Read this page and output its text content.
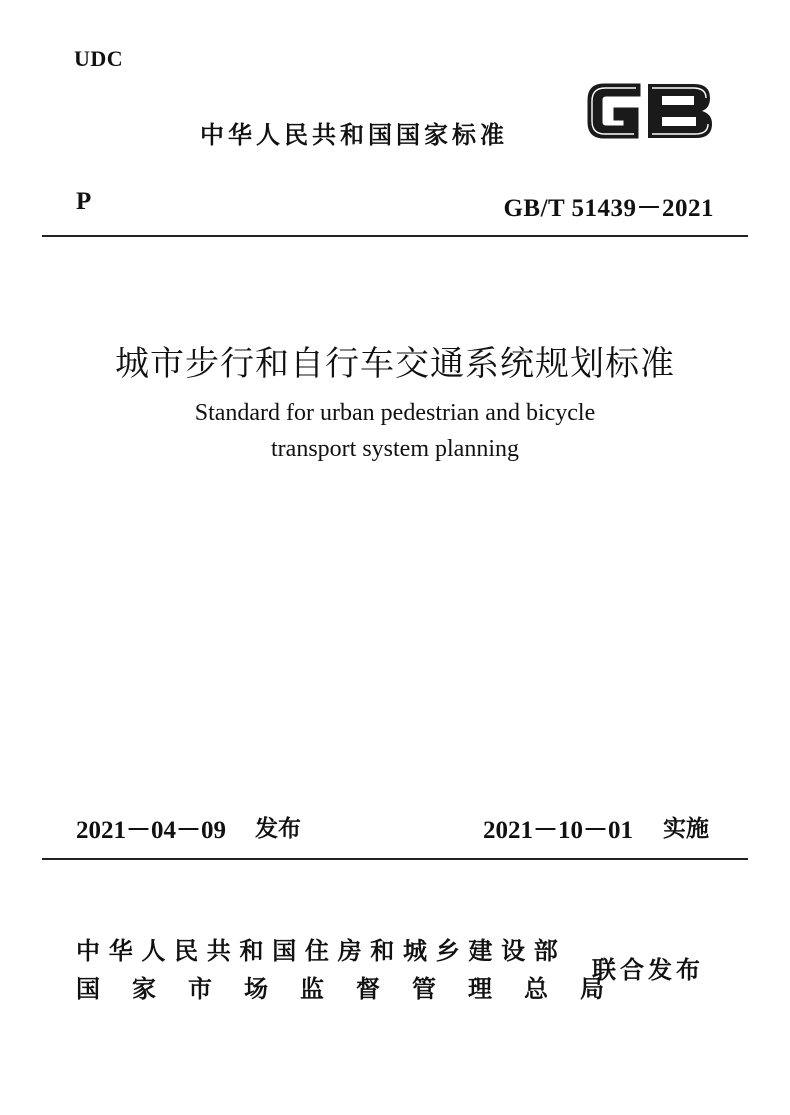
UDC
中华人民共和国国家标准
P	GB/T 51439－2021
城市步行和自行车交通系统规划标准
Standard for urban pedestrian and bicycle
transport system planning
2021－04－09 发布	2021－10－01 实施
中华人民共和国住房和城乡建设部
国家市场监督管理总局
联合发布
